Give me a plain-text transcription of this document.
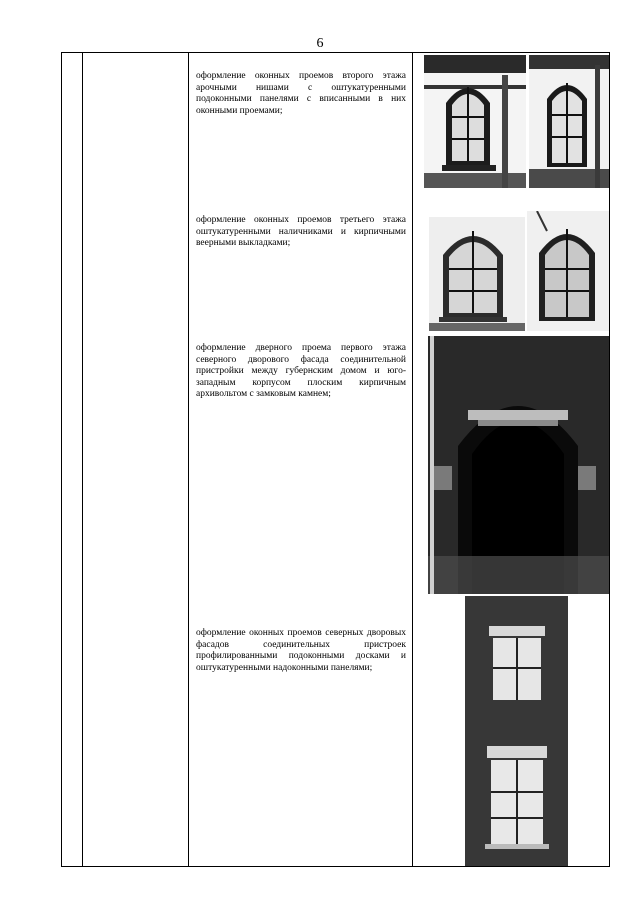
6
оформление оконных проемов второго этажа арочными нишами с оштукатуренными подоконными панелями с вписанными в них оконными проемами;
оформление оконных проемов третьего этажа оштукатуренными наличниками и кирпичными веерными выкладками;
оформление дверного проема первого этажа северного дворового фасада соединительной пристройки между губернским домом и юго-западным корпусом плоским кирпичным архивольтом с замковым камнем;
оформление оконных проемов северных дворовых фасадов соединительных пристроек профилированными подоконными досками и оштукатуренными надоконными панелями;
